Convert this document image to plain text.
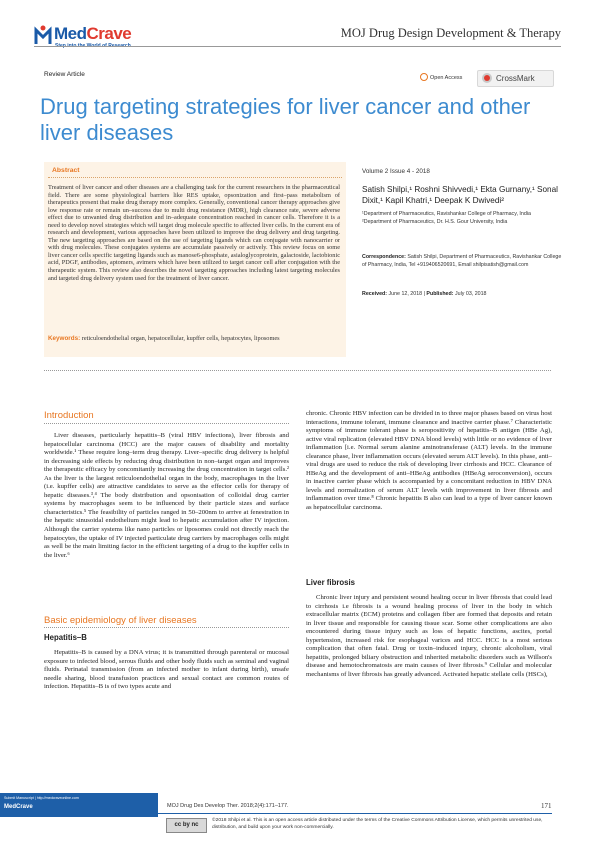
MedCrave
Step into the World of Research
MOJ Drug Design Development & Therapy
Review Article	Open Access	CrossMark
Drug targeting strategies for liver cancer and other liver diseases
Abstract
Treatment of liver cancer and other diseases are a challenging task for the current researchers in the pharmaceutical field. There are some physiological barriers like RES uptake, opsonization and first–pass metabolism of therapeutics present that make drug therapy more complex. Generally, conventional cancer therapy approaches give low response rate or remain un–success due to multi drug resistance (MDR), high clearance rate, severe adverse effect due to unwanted drug distribution and in–adequate concentration reached in cancer cells. Therefore it is a need to develop novel strategies which will target drug molecule specific to affected liver cells. In the current era of research and development, various approaches have been utilized to improve the drug delivery and drug targeting. The new targeting approaches are based on the use of targeting ligands which can conjugate with nanocarrier or with drug molecules. These conjugates systems are accumulate passively or actively. This review focus on some liver cancer cells specific targeting ligands such as manose6-phosphate, asialoglycoprotein, galactoside, lactobionic acid, PDGF, antibodies, aptomers, avimers which have been utilized to target cancer cell after conjugation with the therapeutic system. This review also describes the novel targeting approaches including latest targeting molecules and targeted drug delivery system used for the treatment of liver cancer.
Keywords: reticuloendothelial organ, hepatocellular, kupffer cells, hepatocytes, liposomes
Volume 2 Issue 4 - 2018
Satish Shilpi,¹ Roshni Shivvedi,¹ Ekta Gurnany,¹ Sonal Dixit,¹ Kapil Khatri,¹ Deepak K Dwivedi²
¹Department of Pharmaceutics, Ravishankar College of Pharmacy, India
²Department of Pharmaceutics, Dr. H.S. Gour University, India
Correspondence: Satish Shilpi, Department of Pharmaceutics, Ravishankar College of Pharmacy, India, Tel +919406520691, Email shilpisatish@gmail.com
Received: June 12, 2018 | Published: July 03, 2018
Introduction

Liver diseases, particularly hepatitis–B (viral HBV infections), liver fibrosis and hepatocellular carcinoma (HCC) are the major causes of disability and mortality worldwide.¹ These require long–term drug therapy. Liver–specific drug delivery is helpful in decreasing side effects by reducing drug distribution in non–target organ and improves the therapeutic efficacy by concomitantly increasing the drug concentration in target cells.² As the liver is the largest reticuloendothelial organ in the body, macrophages in the liver (i.e. kupffer cells) are attractive candidates to serve as the effector cells for therapy of hepatic diseases.³,⁴ The body distribution and opsonisation of colloidal drug carrier systems by macrophages seem to be influenced by their particle sizes and surface characteristics.⁵ The feasibility of particles ranged in 50–200nm to arrive at fenestration in the hepatic sinusoidal endothelium might lead to hepatic accumulation after IV injection. Although the carrier systems like nano particles or liposomes could not directly reach the hepatocytes, the uptake of IV injected particulate drug carriers by macrophages cells might as well be the main limiting factor in the efficient targeting of a drug to the kupffer cells in the liver.⁶

Basic epidemiology of liver diseases
Hepatitis–B

Hepatitis–B is caused by a DNA virus; it is transmitted through parenteral or mucosal exposure to infected blood, serous fluids and other body fluids such as seminal and vaginal fluids. Perinatal transmission (from an infected mother to infant during birth), unsafe needle sharing, blood transfusion practices and sexual contact are common routes of infection. Hepatitis–B is of two types acute and

chronic. Chronic HBV infection can be divided in to three major phases based on virus host interactions, immune tolerant, immune clearance and inactive carrier phase.⁷ Characteristic symptoms of immune tolerant phase is seropositivity of hepatitis–B antigen (HBe Ag), active viral replication (elevated HBV DNA blood levels) with little or no evidence of liver inflammation [i.e. Normal serum alanine aminotransferase (ALT) levels. In the immune clearance phase, liver inflammation occurs (elevated serum ALT levels). In this phase, anti–viral drugs are used to reduce the risk of developing liver cirrhosis and HCC. Clearance of HBeAg and the development of anti–HBeAg antibodies (HBeAg seroconversion), occurs in inactive carrier phase which is accompanied by a concomitant reduction in HBV DNA levels and normalization of serum ALT levels with improvement in liver fibrosis and inflammation over time.⁸ Chronic hepatitis B also can lead to a type of liver cancer known as hepatocellular carcinoma.

Liver fibrosis

Chronic liver injury and persistent wound healing occur in liver fibrosis that could lead to cirrhosis i.e fibrosis is a wound healing process of liver in the body in which extracellular matrix (ECM) proteins and collagen fiber are formed that deposits and retain in liver tissue and responsible for causing tissue scar. Some other complications are also encountered during tissue injury such as loss of hepatic functions, ascites, portal hypertension, increased risk for esophageal varices and HCC. HCC is a most serious complication that often fatal. Drug or toxin–induced injury, chronic alcoholism, viral hepatitis, prolonged biliary obstruction and inherited metabolic disorders such as Willson's disease and hemotochromatosis are main causes of liver fibrosis.⁹ Cellular and molecular mechanisms of liver fibrosis has greatly advanced. Activated hepatic stellate cells (HSCs),

Submit Manuscript | http://medcraveonline.com
MedCrave	MOJ Drug Des Develop Ther. 2018;2(4):171‒177.	171
cc by nc
©2018 Shilpi et al. This is an open access article distributed under the terms of the Creative Commons Attribution License, which permits unrestrited use, distribution, and build upon your work non-commercially.
